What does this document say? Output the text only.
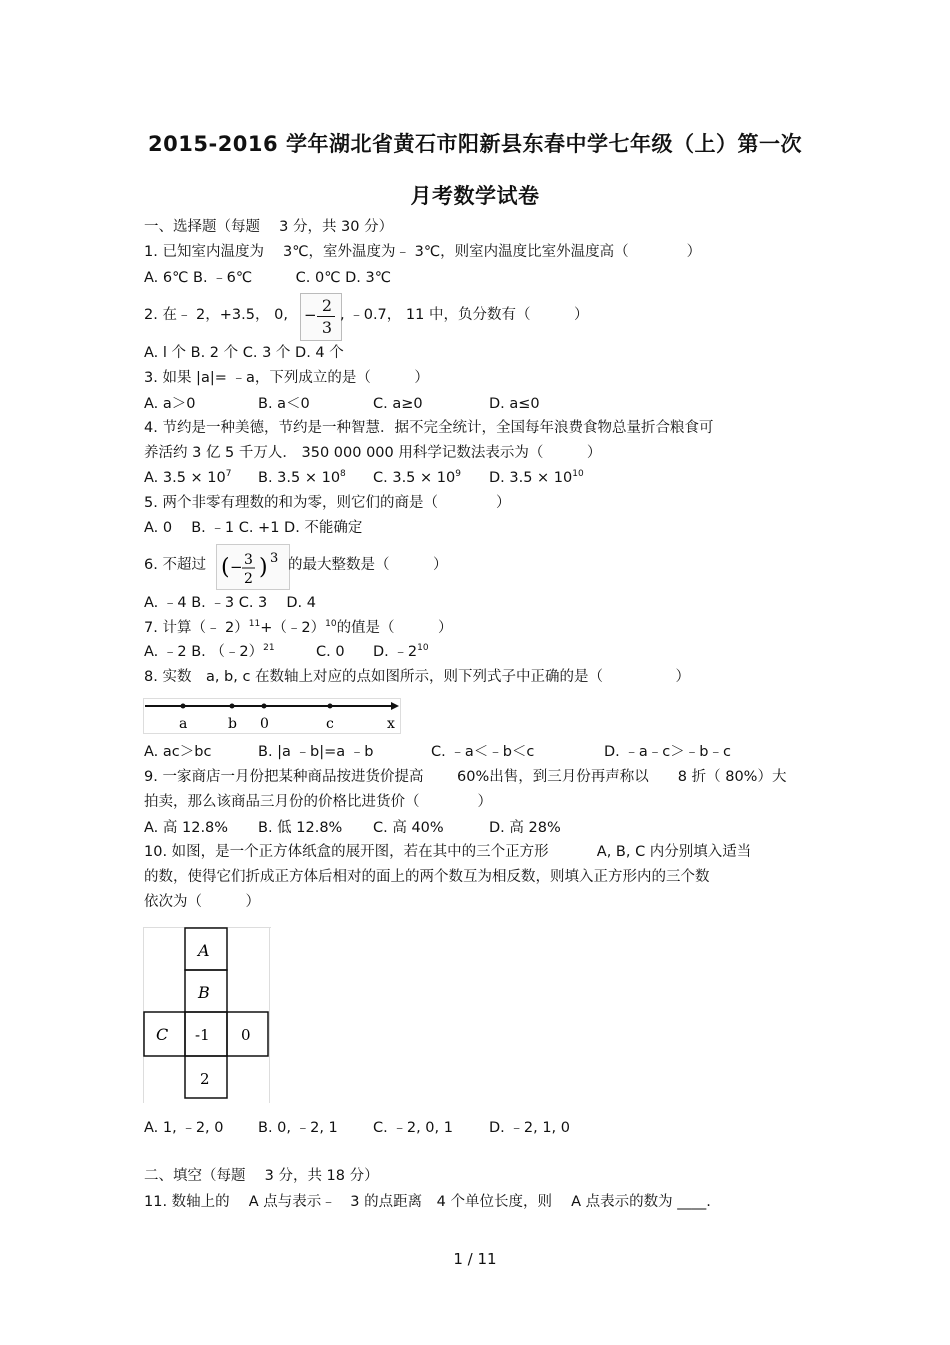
2015-2016 学年湖北省黄石市阳新县东春中学七年级（上）第一次
月考数学试卷
一、选择题（每题　 3 分，共 30 分）
1. 已知室内温度为　 3℃，室外温度为﹣ 3℃，则室内温度比室外温度高（　　　　）
A. 6℃ B. ﹣6℃　　　C. 0℃ D. 3℃
2. 在﹣ 2，+3.5， 0, − 2
3
, ﹣0.7， 11 中，负分数有（　　　）
A. l 个 B. 2 个 C. 3 个 D. 4 个
3. 如果 |a|= ﹣a，下列成立的是（　　　）
A. a＞0	B. a＜0	C. a≥0	D. a≤0
4. 节约是一种美德，节约是一种智慧．据不完全统计，全国每年浪费食物总量折合粮食可
养活约 3 亿 5 千万人． 350 000 000 用科学记数法表示为（　　　）
A. $3.5 \times 10^7$ B. $3.5 \times 10^8$ C. $3.5 \times 10^9$ D. $3.5 \times 10^{10}$
5. 两个非零有理数的和为零，则它们的商是（　　　　）
A. 0　 B. ﹣1 C. +1 D. 不能确定
6. 不超过 ( − 3
2 ) 3 的最大整数是（　　　）
A. ﹣4 B. ﹣3 C. 3　 D. 4
7. 计算（﹣ 2）$^{11}$+（﹣2）$^{10}$的值是（　　　）
A. ﹣2 B. （﹣2）$^{21}$	C. 0 D. $﹣2^{10}$
8. 实数　a, b, c 在数轴上对应的点如图所示，则下列式子中正确的是（　　　　　）
a	b 0	c	x
A. ac＞bc	B. |a ﹣b|=a ﹣b	C. ﹣a＜﹣b＜c	D. ﹣a﹣c＞﹣b﹣c
9. 一家商店一月份把某种商品按进货价提高　　 60%出售，到三月份再声称以　　8 折（ 80%）大
拍卖，那么该商品三月份的价格比进货价（　　　　）
A. 高 12.8% B. 低 12.8% C. 高 40%	D. 高 28%
10. 如图，是一个正方体纸盒的展开图，若在其中的三个正方形　　　 A, B, C 内分别填入适当
的数，使得它们折成正方体后相对的面上的两个数互为相反数，则填入正方形内的三个数
依次为（　　　）
A
B
C -1 0
2
A. 1, ﹣2, 0 B. 0, ﹣2, 1 C. ﹣2, 0, 1 D. ﹣2, 1, 0
二、填空（每题　 3 分，共 18 分）
11. 数轴上的　 A 点与表示﹣　3 的点距离　4 个单位长度，则　 A 点表示的数为 ____.
1 / 11
